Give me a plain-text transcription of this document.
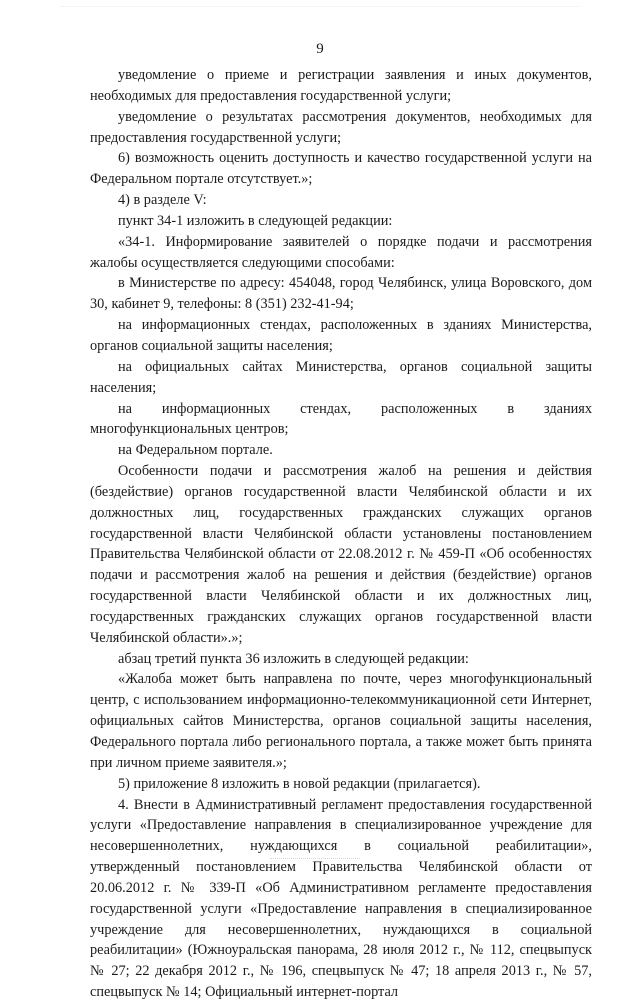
9

уведомление о приеме и регистрации заявления и иных документов, необходимых для предоставления государственной услуги;

уведомление о результатах рассмотрения документов, необходимых для предоставления государственной услуги;

6) возможность оценить доступность и качество государственной услуги на Федеральном портале отсутствует.»;

4) в разделе V:

пункт 34-1 изложить в следующей редакции:

«34-1. Информирование заявителей о порядке подачи и рассмотрения жалобы осуществляется следующими способами:

в Министерстве по адресу: 454048, город Челябинск, улица Воровского, дом 30, кабинет 9, телефоны: 8 (351) 232-41-94;

на информационных стендах, расположенных в зданиях Министерства, органов социальной защиты населения;

на официальных сайтах Министерства, органов социальной защиты населения;

на информационных стендах, расположенных в зданиях многофункциональных центров;

на Федеральном портале.

Особенности подачи и рассмотрения жалоб на решения и действия (бездействие) органов государственной власти Челябинской области и их должностных лиц, государственных гражданских служащих органов государственной власти Челябинской области установлены постановлением Правительства Челябинской области от 22.08.2012 г. № 459-П «Об особенностях подачи и рассмотрения жалоб на решения и действия (бездействие) органов государственной власти Челябинской области и их должностных лиц, государственных гражданских служащих органов государственной власти Челябинской области».»;

абзац третий пункта 36 изложить в следующей редакции:

«Жалоба может быть направлена по почте, через многофункциональный центр, с использованием информационно-телекоммуникационной сети Интернет, официальных сайтов Министерства, органов социальной защиты населения, Федерального портала либо регионального портала, а также может быть принята при личном приеме заявителя.»;

5) приложение 8 изложить в новой редакции (прилагается).

4. Внести в Административный регламент предоставления государственной услуги «Предоставление направления в специализированное учреждение для несовершеннолетних, нуждающихся в социальной реабилитации», утвержденный постановлением Правительства Челябинской области от 20.06.2012 г. № 339-П «Об Административном регламенте предоставления государственной услуги «Предоставление направления в специализированное учреждение для несовершеннолетних, нуждающихся в социальной реабилитации» (Южноуральская панорама, 28 июля 2012 г., № 112, спецвыпуск № 27; 22 декабря 2012 г., № 196, спецвыпуск № 47; 18 апреля 2013 г., № 57, спецвыпуск № 14; Официальный интернет-портал
